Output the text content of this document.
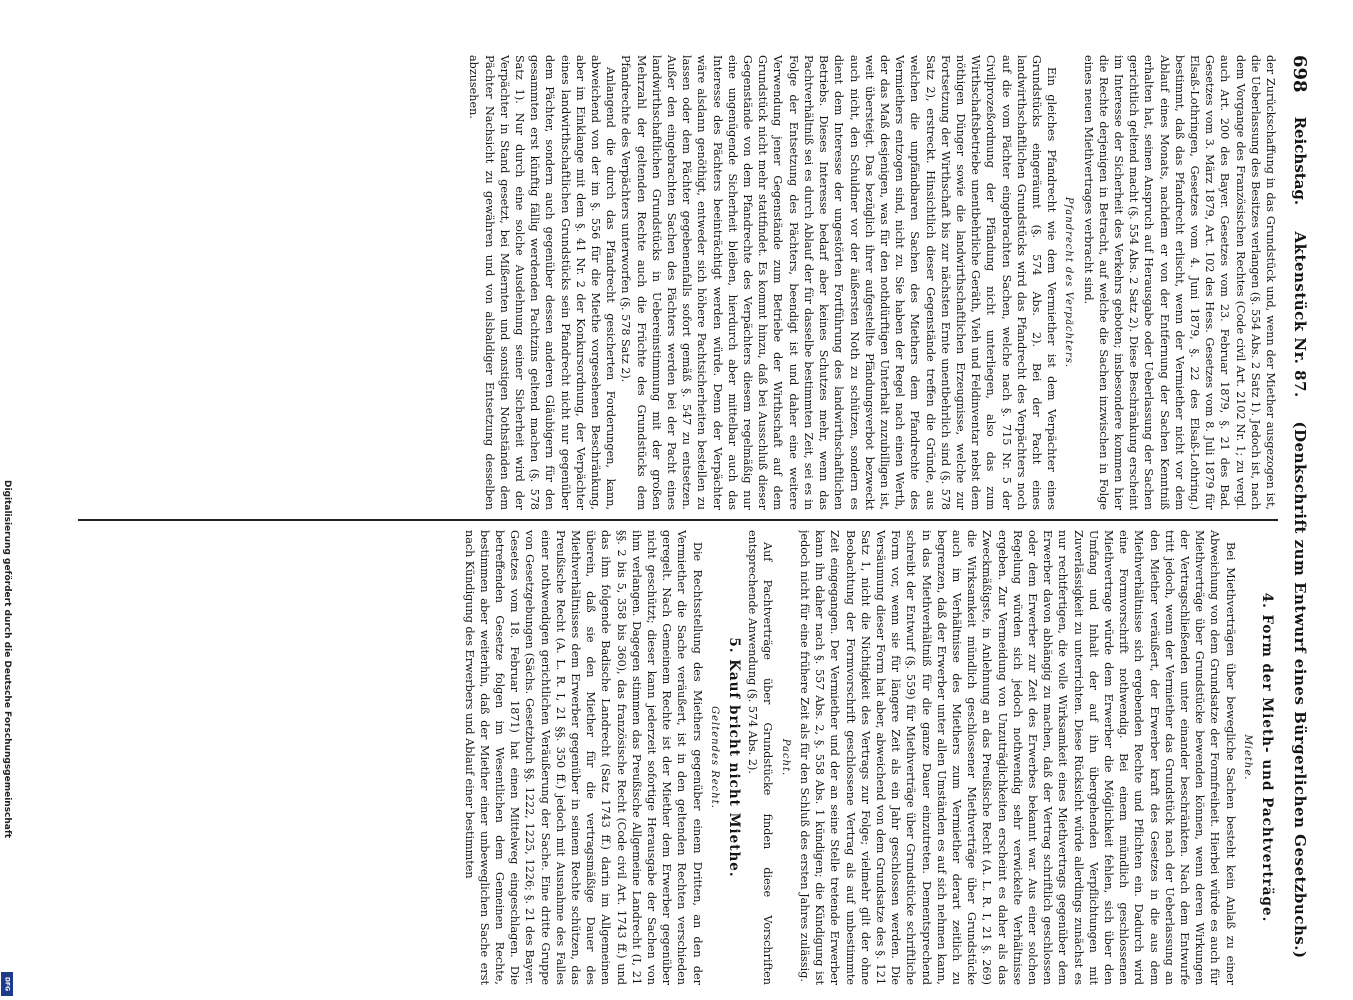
698
Reichstag.
Aktenstück Nr. 87. (Denkschrift zum Entwurf eines Bürgerlichen Gesetzbuchs.)

der Zurückschaffung in das Grundstück und, wenn der Miether ausgezogen ist, die Ueberlassung des Besitzes verlangen (§. 554 Abs. 2 Satz 1). Jedoch ist, nach dem Vorgange des Französischen Rechtes (Code civil Art. 2102 Nr. 1; zu vergl. auch Art. 200 des Bayer. Gesetzes vom 23. Februar 1879, §. 21 des Bad. Gesetzes vom 3. März 1879, Art. 102 des Hess. Gesetzes vom 8. Juli 1879 für Elsaß-Lothringen, Gesetzes vom 4. Juni 1879, §. 22 des Elsaß-Lothring.) bestimmt, daß das Pfandrecht erlischt, wenn der Vermiether nicht vor dem Ablauf eines Monats, nachdem er von der Entfernung der Sachen Kenntniß erhalten hat, seinen Anspruch auf Herausgabe oder Ueberlassung der Sachen gerichtlich geltend macht (§. 554 Abs. 2 Satz 2). Diese Beschränkung erscheint im Interesse der Sicherheit des Verkehrs geboten; insbesondere kommen hier die Rechte derjenigen in Betracht, auf welche die Sachen inzwischen in Folge eines neuen Miethvertrages verbracht sind.

Pfandrecht des Verpächters.

Ein gleiches Pfandrecht wie dem Vermiether ist dem Verpächter eines Grundstücks eingeräumt (§. 574 Abs. 2). Bei der Pacht eines landwirthschaftlichen Grundstücks wird das Pfandrecht des Verpächters noch auf die vom Pächter eingebrachten Sachen, welche nach §. 715 Nr. 5 der Civilprozeßordnung der Pfändung nicht unterliegen, also das zum Wirthschaftsbetriebe unentbehrliche Geräth, Vieh und Feldinventar nebst dem nöthigen Dünger sowie die landwirthschaftlichen Erzeugnisse, welche zur Fortsetzung der Wirthschaft bis zur nächsten Ernte unentbehrlich sind (§. 578 Satz 2), erstreckt. Hinsichtlich dieser Gegenstände treffen die Gründe, aus welchen die unpfändbaren Sachen des Miethers dem Pfandrechte des Vermiethers entzogen sind, nicht zu. Sie haben der Regel nach einen Werth, der das Maß desjenigen, was für den nothdürftigen Unterhalt zuzubilligen ist, weit übersteigt. Das bezüglich ihrer aufgestellte Pfändungsverbot bezweckt auch nicht, den Schuldner vor der äußersten Noth zu schützen, sondern es dient dem Interesse der ungestörten Fortführung des landwirthschaftlichen Betriebs. Dieses Interesse bedarf aber keines Schutzes mehr, wenn das Pachtverhältniß sei es durch Ablauf der für dasselbe bestimmten Zeit, sei es in Folge der Entsetzung des Pächters, beendigt ist und daher eine weitere Verwendung jener Gegenstände zum Betriebe der Wirthschaft auf dem Grundstück nicht mehr stattfindet. Es kommt hinzu, daß bei Ausschluß dieser Gegenstände von dem Pfandrechte des Verpächters diesem regelmäßig nur eine ungenügende Sicherheit bleiben, hierdurch aber mittelbar auch das Interesse des Pächters beeinträchtigt werden würde. Denn der Verpächter wäre alsdann genöthigt, entweder sich höhere Pachtsicherheiten bestellen zu lassen oder dem Pächter gegebenenfalls sofort gemäß §. 547 zu entsetzen. Außer den eingebrachten Sachen des Pächters werden bei der Pacht eines landwirthschaftlichen Grundstücks in Uebereinstimmung mit der großen Mehrzahl der geltenden Rechte auch die Früchte des Grundstücks dem Pfandrechte des Verpächters unterworfen (§. 578 Satz 2).

Anlangend die durch das Pfandrecht gesicherten Forderungen, kann, abweichend von der im §. 556 für die Miethe vorgesehenen Beschränkung, aber im Einklange mit dem §. 41 Nr. 2 der Konkursordnung, der Verpächter eines landwirthschaftlichen Grundstücks sein Pfandrecht nicht nur gegenüber dem Pächter, sondern auch gegenüber dessen anderen Gläubigern für den gesammten erst künftig fällig werdenden Pachtzins geltend machen (§. 578 Satz 1). Nur durch eine solche Ausdehnung seiner Sicherheit wird der Verpächter in Stand gesetzt, bei Mißernten und sonstigen Nothständen dem Pächter Nachsicht zu gewähren und von alsbaldiger Entsetzung desselben abzusehen.

4. Form der Mieth- und Pachtverträge.
Miethe.

Bei Miethverträgen über bewegliche Sachen besteht kein Anlaß zu einer Abweichung von dem Grundsatze der Formfreiheit. Hierbei würde es auch für Miethverträge über Grundstücke bewenden können, wenn deren Wirkungen der Vertragschließenden unter einander beschränkten. Nach dem Entwurfe tritt jedoch, wenn der Vermiether das Grundstück nach der Ueberlassung an den Miether veräußert, der Erwerber kraft des Gesetzes in die aus dem Miethverhältnisse sich ergebenden Rechte und Pflichten ein. Dadurch wird eine Formvorschrift nothwendig. Bei einem mündlich geschlossenen Miethvertrage würde dem Erwerber die Möglichkeit fehlen, sich über den Umfang und Inhalt der auf ihn übergehenden Verpflichtungen mit Zuverlässigkeit zu unterrichten. Diese Rücksicht würde allerdings zunächst es nur rechtfertigen, die volle Wirksamkeit eines Miethvertrags gegenüber dem Erwerber davon abhängig zu machen, daß der Vertrag schriftlich geschlossen oder dem Erwerber zur Zeit des Erwerbes bekannt war. Aus einer solchen Regelung würden sich jedoch nothwendig sehr verwickelte Verhältnisse ergeben. Zur Vermeidung von Unzuträglichkeiten erscheint es daher als das Zweckmäßigste, in Anlehnung an das Preußische Recht (A. L. R. I, 21 §. 269) die Wirksamkeit mündlich geschlossener Miethverträge über Grundstücke auch im Verhältnisse des Miethers zum Vermiether derart zeitlich zu begrenzen, daß der Erwerber unter allen Umständen es auf sich nehmen kann, in das Miethverhältniß für die ganze Dauer einzutreten. Dementsprechend schreibt der Entwurf (§. 559) für Miethverträge über Grundstücke schriftliche Form vor, wenn sie für längere Zeit als ein Jahr geschlossen werden. Die Versäumung dieser Form hat aber, abweichend von dem Grundsatze des §. 121 Satz 1, nicht die Nichtigkeit des Vertrags zur Folge; vielmehr gilt der ohne Beobachtung der Formvorschrift geschlossene Vertrag als auf unbestimmte Zeit eingegangen. Der Vermiether und der an seine Stelle tretende Erwerber kann ihn daher nach §. 557 Abs. 2, §. 558 Abs. 1 kündigen; die Kündigung ist jedoch nicht für eine frühere Zeit als für den Schluß des ersten Jahres zulässig.

Pacht.

Auf Pachtverträge über Grundstücke finden diese Vorschriften entsprechende Anwendung (§. 574 Abs. 2).

5. Kauf bricht nicht Miethe.
Geltendes Recht.

Die Rechtsstellung des Miethers gegenüber einem Dritten, an den der Vermiether die Sache veräußert, ist in den geltenden Rechten verschieden geregelt. Nach Gemeinem Rechte ist der Miether dem Erwerber gegenüber nicht geschützt; dieser kann jederzeit sofortige Herausgabe der Sachen von ihm verlangen. Dagegen stimmen das Preußische Allgemeine Landrecht (I, 21 §§. 2 bis 5, 358 bis 360), das französische Recht (Code civil Art. 1743 ff.) und das ihm folgende Badische Landrecht (Satz 1743 ff.) darin im Allgemeinen überein, daß sie den Miether für die vertragsmäßige Dauer des Miethverhältnisses dem Erwerber gegenüber in seinem Rechte schützen, das Preußische Recht (A. L. R. I, 21 §§. 350 ff.) jedoch mit Ausnahme des Falles einer nothwendigen gerichtlichen Veräußerung der Sache. Eine dritte Gruppe von Gesetzgebungen (Sächs. Gesetzbuch §§. 1222, 1225, 1226; §. 21 des Bayer. Gesetzes vom 18. Februar 1871) hat einen Mittelweg eingeschlagen. Die betreffenden Gesetze folgen im Wesentlichen dem Gemeinen Rechte, bestimmen aber weiterhin, daß der Miether einer unbeweglichen Sache erst nach Kündigung des Erwerbers und Ablauf einer bestimmten

Digitalisierung gefördert durch die Deutsche Forschungsgemeinschaft
DFG
